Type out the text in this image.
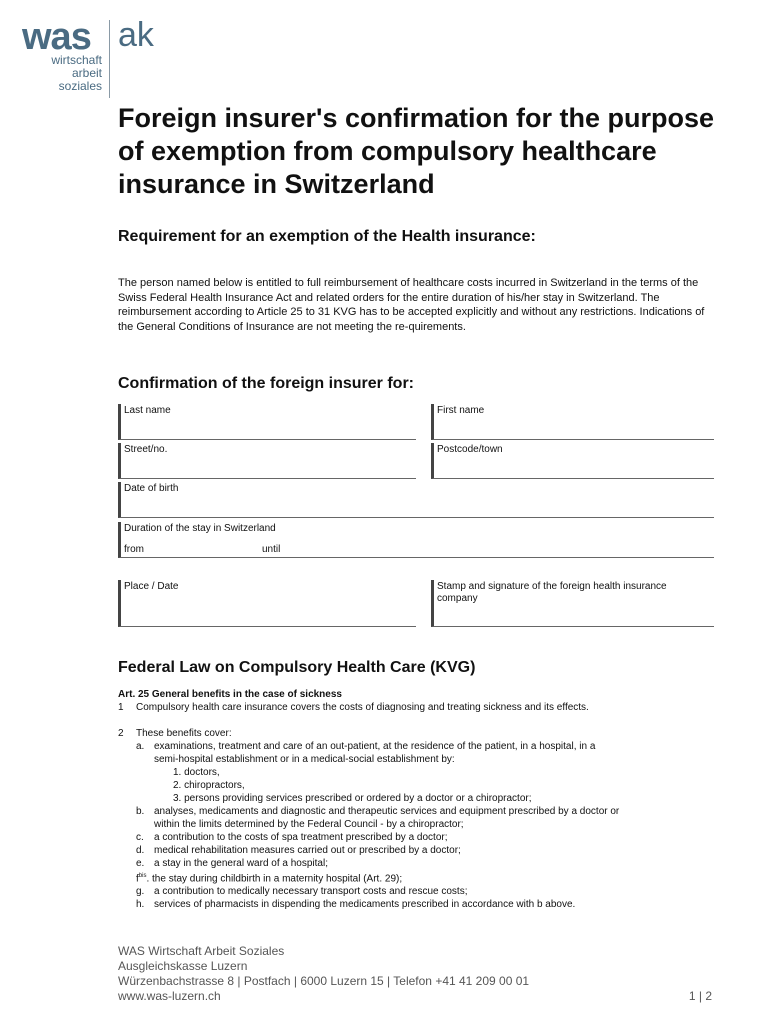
was ak
wirtschaft
arbeit
soziales
Foreign insurer's confirmation for the purpose of exemption from compulsory healthcare insurance in Switzerland
Requirement for an exemption of the Health insurance:

The person named below is entitled to full reimbursement of healthcare costs incurred in Switzerland in the terms of the Swiss Federal Health Insurance Act and related orders for the entire duration of his/her stay in Switzerland. The reimbursement according to Article 25 to 31 KVG has to be accepted explicitly and without any restrictions. Indications of the General Conditions of Insurance are not meeting the re-quirements.

Confirmation of the foreign insurer for:
Last name	First name
Street/no.	Postcode/town
Date of birth
Duration of the stay in Switzerland
from	until
Place / Date	Stamp and signature of the foreign health insurance company
Federal Law on Compulsory Health Care (KVG)
Art. 25 General benefits in the case of sickness
1 Compulsory health care insurance covers the costs of diagnosing and treating sickness and its effects.
2 These benefits cover:
a. examinations, treatment and care of an out-patient, at the residence of the patient, in a hospital, in a
semi-hospital establishment or in a medical-social establishment by:
1. doctors,
2. chiropractors,
3. persons providing services prescribed or ordered by a doctor or a chiropractor;
b. analyses, medicaments and diagnostic and therapeutic services and equipment prescribed by a doctor or
within the limits determined by the Federal Council - by a chiropractor;
c. a contribution to the costs of spa treatment prescribed by a doctor;
d. medical rehabilitation measures carried out or prescribed by a doctor;
e. a stay in the general ward of a hospital;
$f^{bis}$. the stay during childbirth in a maternity hospital (Art. 29);
g. a contribution to medically necessary transport costs and rescue costs;
h. services of pharmacists in dispending the medicaments prescribed in accordance with b above.
WAS Wirtschaft Arbeit Soziales
Ausgleichskasse Luzern
Würzenbachstrasse 8 | Postfach | 6000 Luzern 15 | Telefon +41 41 209 00 01
www.was-luzern.ch	1 | 2
